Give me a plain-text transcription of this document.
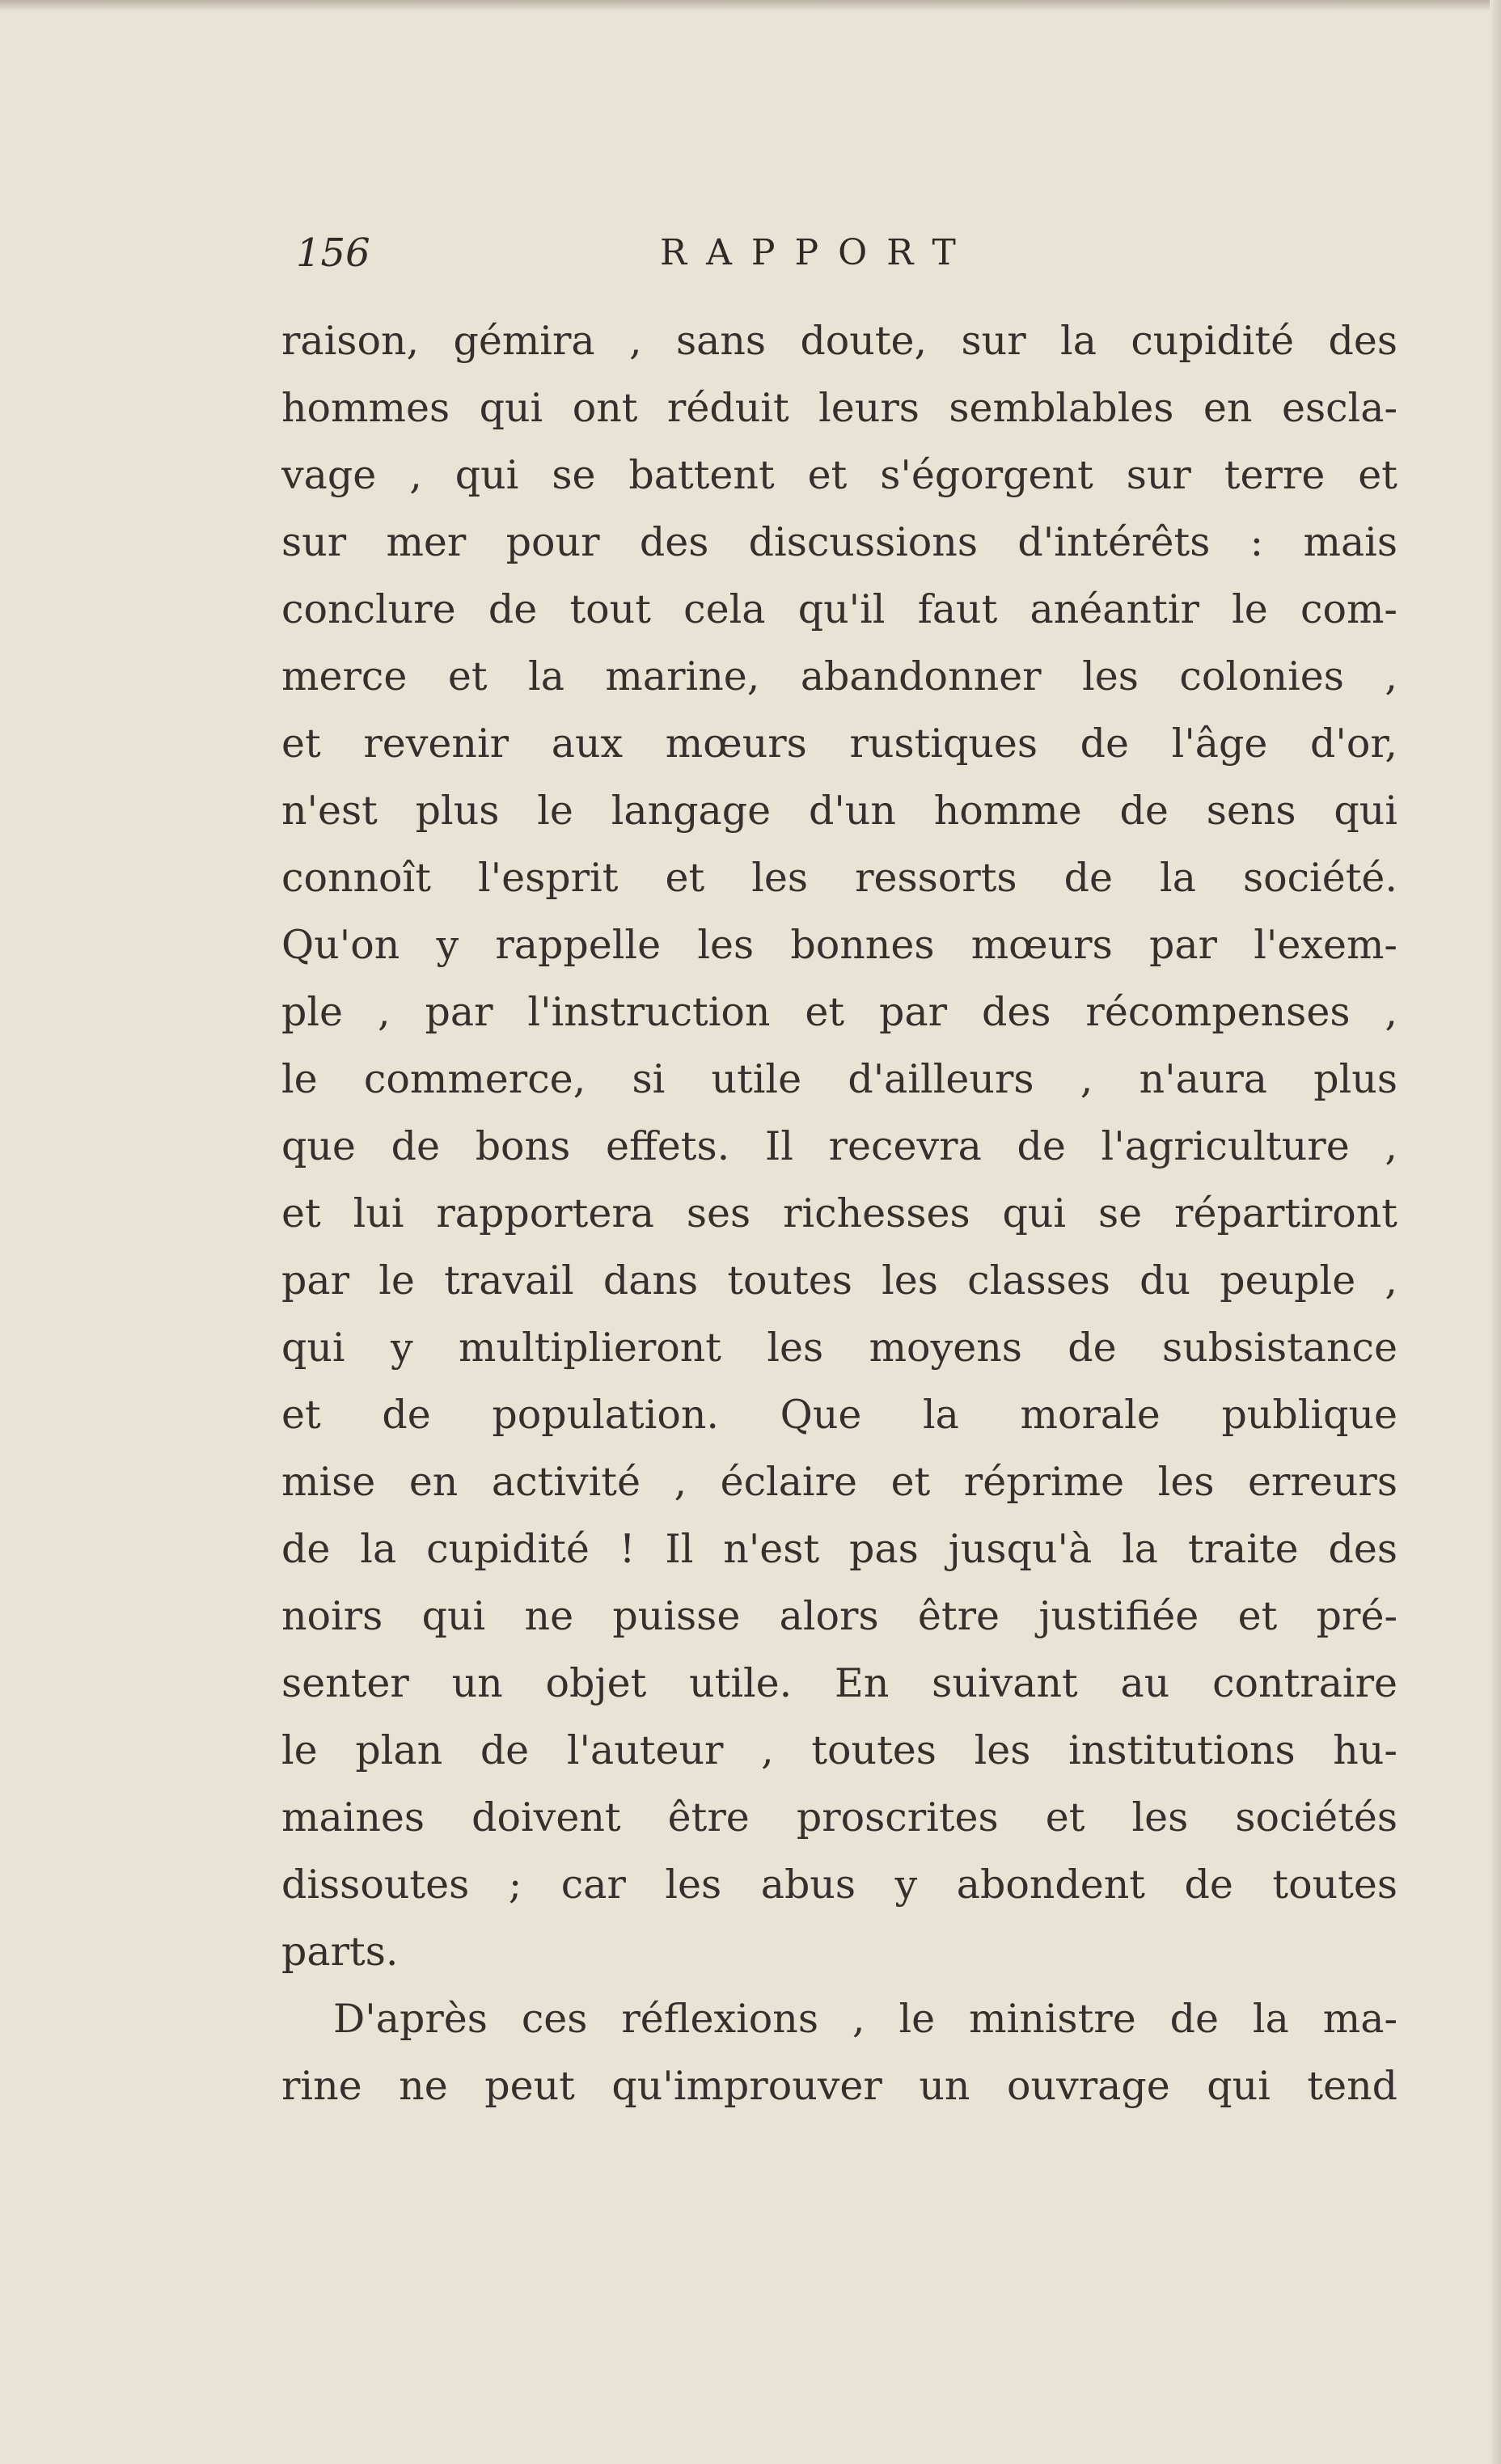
156	RAPPORT
raison, gémira , sans doute, sur la cupidité des
hommes qui ont réduit leurs semblables en escla-
vage , qui se battent et s'égorgent sur terre et
sur mer pour des discussions d'intérêts : mais
conclure de tout cela qu'il faut anéantir le com-
merce et la marine, abandonner les colonies ,
et revenir aux mœurs rustiques de l'âge d'or,
n'est plus le langage d'un homme de sens qui
connoît l'esprit et les ressorts de la société.
Qu'on y rappelle les bonnes mœurs par l'exem-
ple , par l'instruction et par des récompenses ,
le commerce, si utile d'ailleurs , n'aura plus
que de bons effets. Il recevra de l'agriculture ,
et lui rapportera ses richesses qui se répartiront
par le travail dans toutes les classes du peuple ,
qui y multiplieront les moyens de subsistance
et de population. Que la morale publique
mise en activité , éclaire et réprime les erreurs
de la cupidité ! Il n'est pas jusqu'à la traite des
noirs qui ne puisse alors être justifiée et pré-
senter un objet utile. En suivant au contraire
le plan de l'auteur , toutes les institutions hu-
maines doivent être proscrites et les sociétés
dissoutes ; car les abus y abondent de toutes
parts.
D'après ces réflexions , le ministre de la ma-
rine ne peut qu'improuver un ouvrage qui tend
